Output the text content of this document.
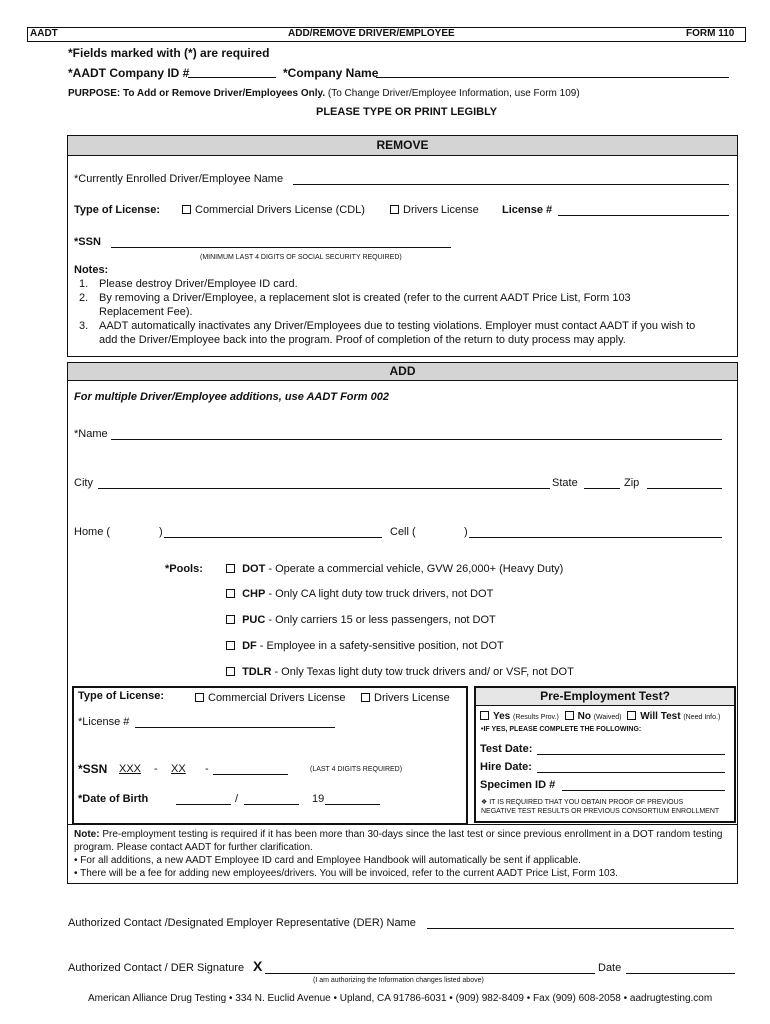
AADT	ADD/REMOVE DRIVER/EMPLOYEE	FORM 110
*Fields marked with (*) are required
*AADT Company ID #	*Company Name
PURPOSE: To Add or Remove Driver/Employees Only. (To Change Driver/Employee Information, use Form 109)
PLEASE TYPE OR PRINT LEGIBLY
REMOVE
*Currently Enrolled Driver/Employee Name
Type of License:	Commercial Drivers License (CDL)	Drivers License License #
*SSN
(MINIMUM LAST 4 DIGITS OF SOCIAL SECURITY REQUIRED)
Notes:
1. Please destroy Driver/Employee ID card.
2. By removing a Driver/Employee, a replacement slot is created (refer to the current AADT Price List, Form 103
Replacement Fee).
3. AADT automatically inactivates any Driver/Employees due to testing violations. Employer must contact AADT if you wish to
add the Driver/Employee back into the program. Proof of completion of the return to duty process may apply.
ADD
For multiple Driver/Employee additions, use AADT Form 002
*Name
City	State	Zip
Home (	)	Cell (	)
*Pools:	DOT - Operate a commercial vehicle, GVW 26,000+ (Heavy Duty)
CHP - Only CA light duty tow truck drivers, not DOT
PUC - Only carriers 15 or less passengers, not DOT
DF - Employee in a safety-sensitive position, not DOT
TDLR - Only Texas light duty tow truck drivers and/ or VSF, not DOT
Type of License:	Commercial Drivers License	Drivers License
*License #
*SSN	XXX	-	XX	-	(LAST 4 DIGITS REQUIRED)
*Date of Birth	/	19
Pre-Employment Test?
Yes (Results Prov.) No (Waived) Will Test (Need Info.)
•IF YES, PLEASE COMPLETE THE FOLLOWING:
Test Date:
Hire Date:
Specimen ID #
❖ IT IS REQUIRED THAT YOU OBTAIN PROOF OF PREVIOUS
NEGATIVE TEST RESULTS OR PREVIOUS CONSORTIUM ENROLLMENT
Note: Pre-employment testing is required if it has been more than 30-days since the last test or since previous enrollment in a DOT random testing
program. Please contact AADT for further clarification.
• For all additions, a new AADT Employee ID card and Employee Handbook will automatically be sent if applicable.
• There will be a fee for adding new employees/drivers. You will be invoiced, refer to the current AADT Price List, Form 103.
Authorized Contact /Designated Employer Representative (DER) Name
Authorized Contact / DER Signature X	Date
(I am authorizing the Information changes listed above)
American Alliance Drug Testing • 334 N. Euclid Avenue • Upland, CA 91786-6031 • (909) 982-8409 • Fax (909) 608-2058 • aadrugtesting.com
